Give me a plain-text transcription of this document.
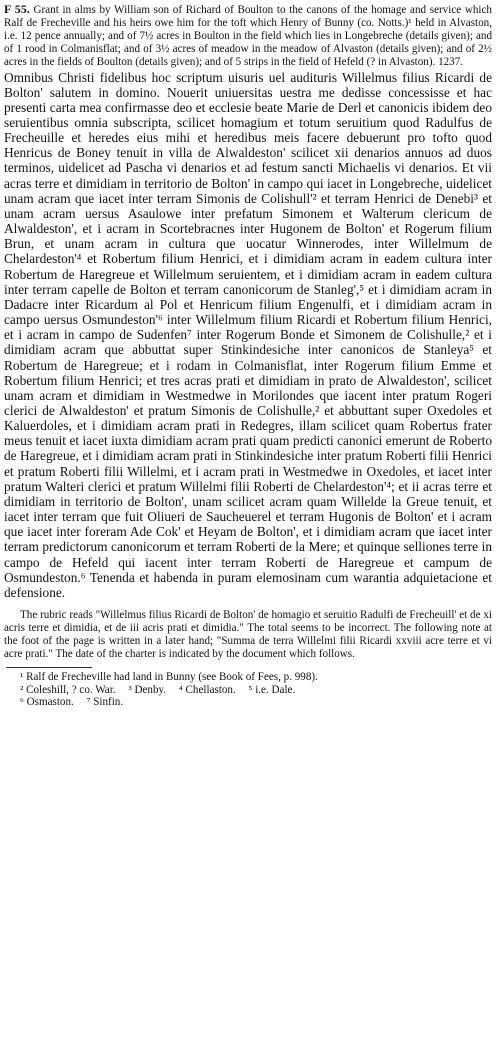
F 55. Grant in alms by William son of Richard of Boulton to the canons of the homage and service which Ralf de Frecheville and his heirs owe him for the toft which Henry of Bunny (co. Notts.)¹ held in Alvaston, i.e. 12 pence annually; and of 7½ acres in Boulton in the field which lies in Longebreche (details given); and of 1 rood in Colmanisflat; and of 3½ acres of meadow in the meadow of Alvaston (details given); and of 2½ acres in the fields of Boulton (details given); and of 5 strips in the field of Hefeld (? in Alvaston). 1237.

Omnibus Christi fidelibus hoc scriptum uisuris uel audituris Willelmus filius Ricardi de Bolton' salutem in domino. Nouerit uniuersitas uestra me dedisse concessisse et hac presenti carta mea confirmasse deo et ecclesie beate Marie de Derl et canonicis ibidem deo seruientibus omnia subscripta, scilicet homagium et totum seruitium quod Radulfus de Frecheuille et heredes eius mihi et heredibus meis facere debuerunt pro tofto quod Henricus de Boney tenuit in villa de Alwaldeston' scilicet xii denarios annuos ad duos terminos, uidelicet ad Pascha vi denarios et ad festum sancti Michaelis vi denarios. Et vii acras terre et dimidiam in territorio de Bolton' in campo qui iacet in Longebreche, uidelicet unam acram que iacet inter terram Simonis de Colishull'² et terram Henrici de Denebi³ et unam acram uersus Asaulowe inter prefatum Simonem et Walterum clericum de Alwaldeston', et i acram in Scortebracnes inter Hugonem de Bolton' et Rogerum filium Brun, et unam acram in cultura que uocatur Winnerodes, inter Willelmum de Chelardeston'⁴ et Robertum filium Henrici, et i dimidiam acram in eadem cultura inter Robertum de Haregreue et Willelmum seruientem, et i dimidiam acram in eadem cultura inter terram capelle de Bolton et terram canonicorum de Stanleg',⁵ et i dimidiam acram in Dadacre inter Ricardum al Pol et Henricum filium Engenulfi, et i dimidiam acram in campo uersus Osmundeston'⁶ inter Willelmum filium Ricardi et Robertum filium Henrici, et i acram in campo de Sudenfen⁷ inter Rogerum Bonde et Simonem de Colishulle,² et i dimidiam acram que abbuttat super Stinkindesiche inter canonicos de Stanleya⁵ et Robertum de Haregreue; et i rodam in Colmanisflat, inter Rogerum filium Emme et Robertum filium Henrici; et tres acras prati et dimidiam in prato de Alwaldeston', scilicet unam acram et dimidiam in Westmedwe in Morilondes que iacent inter pratum Rogeri clerici de Alwaldeston' et pratum Simonis de Colishulle,² et abbuttant super Oxedoles et Kaluerdoles, et i dimidiam acram prati in Redegres, illam scilicet quam Robertus frater meus tenuit et iacet iuxta dimidiam acram prati quam predicti canonici emerunt de Roberto de Haregreue, et i dimidiam acram prati in Stinkindesiche inter pratum Roberti filii Henrici et pratum Roberti filii Willelmi, et i acram prati in Westmedwe in Oxedoles, et iacet inter pratum Walteri clerici et pratum Willelmi filii Roberti de Chelardeston'⁴; et ii acras terre et dimidiam in territorio de Bolton', unam scilicet acram quam Willelde la Greue tenuit, et iacet inter terram que fuit Oliueri de Saucheuerel et terram Hugonis de Bolton' et i acram que iacet inter foreram Ade Cok' et Heyam de Bolton', et i dimidiam acram que iacet inter terram predictorum canonicorum et terram Roberti de la Mere; et quinque selliones terre in campo de Hefeld qui iacent inter terram Roberti de Haregreue et campum de Osmundeston.⁶ Tenenda et habenda in puram elemosinam cum warantia adquietacione et defensione.

The rubric reads "Willelmus filius Ricardi de Bolton' de homagio et seruitio Radulfi de Frecheuill' et de xi acris terre et dimidia, et de iii acris prati et dimidia." The total seems to be incorrect. The following note at the foot of the page is written in a later hand; "Summa de terra Willelmi filii Ricardi xxviii acre terre et vi acre prati." The date of the charter is indicated by the document which follows.

¹ Ralf de Frecheville had land in Bunny (see Book of Fees, p. 998).
² Coleshill, ? co. War. ³ Denby. ⁴ Chellaston. ⁵ i.e. Dale.
⁶ Osmaston. ⁷ Sinfin.
